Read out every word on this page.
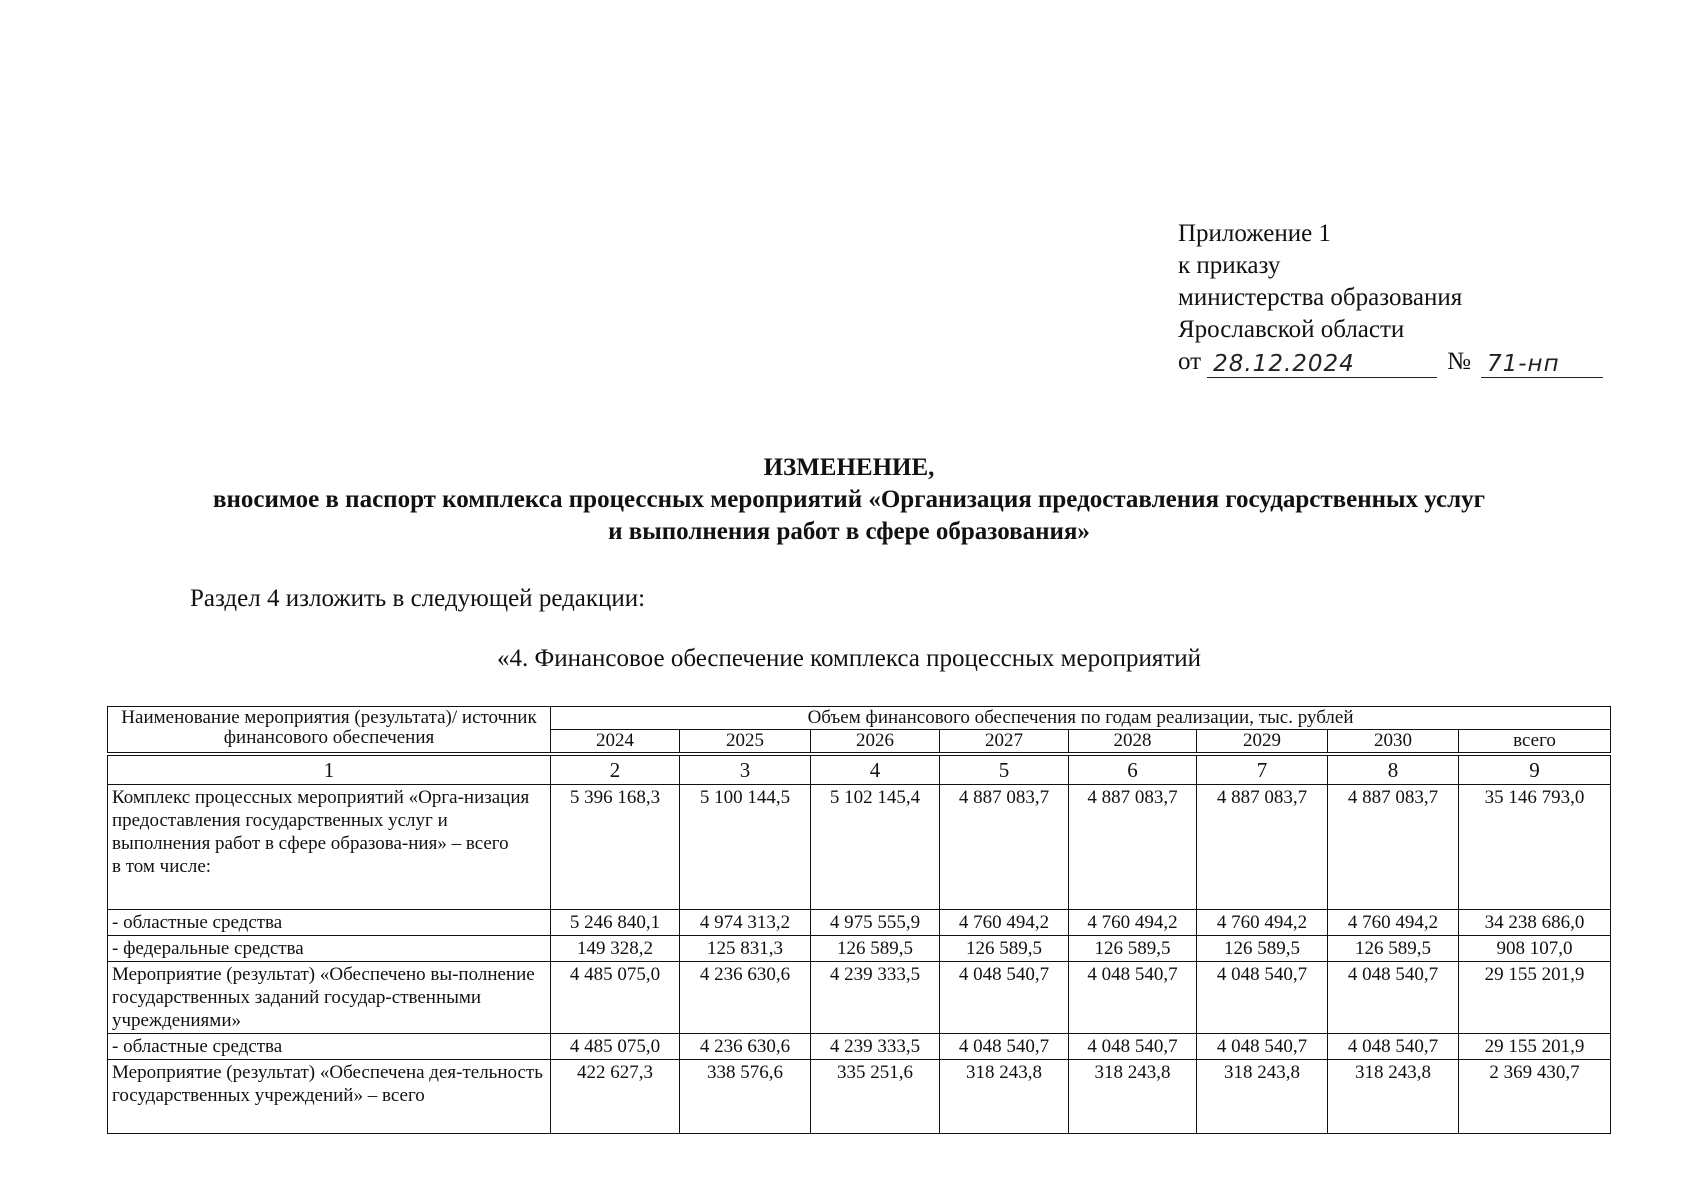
Приложение 1
к приказу
министерства образования
Ярославской области
от 28.12.2024	№ 71-нп
ИЗМЕНЕНИЕ,
вносимое в паспорт комплекса процессных мероприятий «Организация предоставления государственных услуг
и выполнения работ в сфере образования»
Раздел 4 изложить в следующей редакции:
«4. Финансовое обеспечение комплекса процессных мероприятий
Наименование мероприятия (результата)/ источник финансового обеспечения	Объем финансового обеспечения по годам реализации, тыс. рублей							
	2024	2025	2026	2027	2028	2029	2030	всего

1	2	3	4	5	6	7	8	9
Комплекс процессных мероприятий «Орга-низация предоставления государственных услуг и выполнения работ в сфере образова-ния» – всего
в том числе:	5 396 168,3	5 100 144,5	5 102 145,4	4 887 083,7	4 887 083,7	4 887 083,7	4 887 083,7	35 146 793,0
- областные средства	5 246 840,1	4 974 313,2	4 975 555,9	4 760 494,2	4 760 494,2	4 760 494,2	4 760 494,2	34 238 686,0
- федеральные средства	149 328,2	125 831,3	126 589,5	126 589,5	126 589,5	126 589,5	126 589,5	908 107,0
Мероприятие (результат) «Обеспечено вы-полнение государственных заданий государ-ственными учреждениями»	4 485 075,0	4 236 630,6	4 239 333,5	4 048 540,7	4 048 540,7	4 048 540,7	4 048 540,7	29 155 201,9
- областные средства	4 485 075,0	4 236 630,6	4 239 333,5	4 048 540,7	4 048 540,7	4 048 540,7	4 048 540,7	29 155 201,9
Мероприятие (результат) «Обеспечена дея-тельность государственных учреждений» – всего	422 627,3	338 576,6	335 251,6	318 243,8	318 243,8	318 243,8	318 243,8	2 369 430,7
